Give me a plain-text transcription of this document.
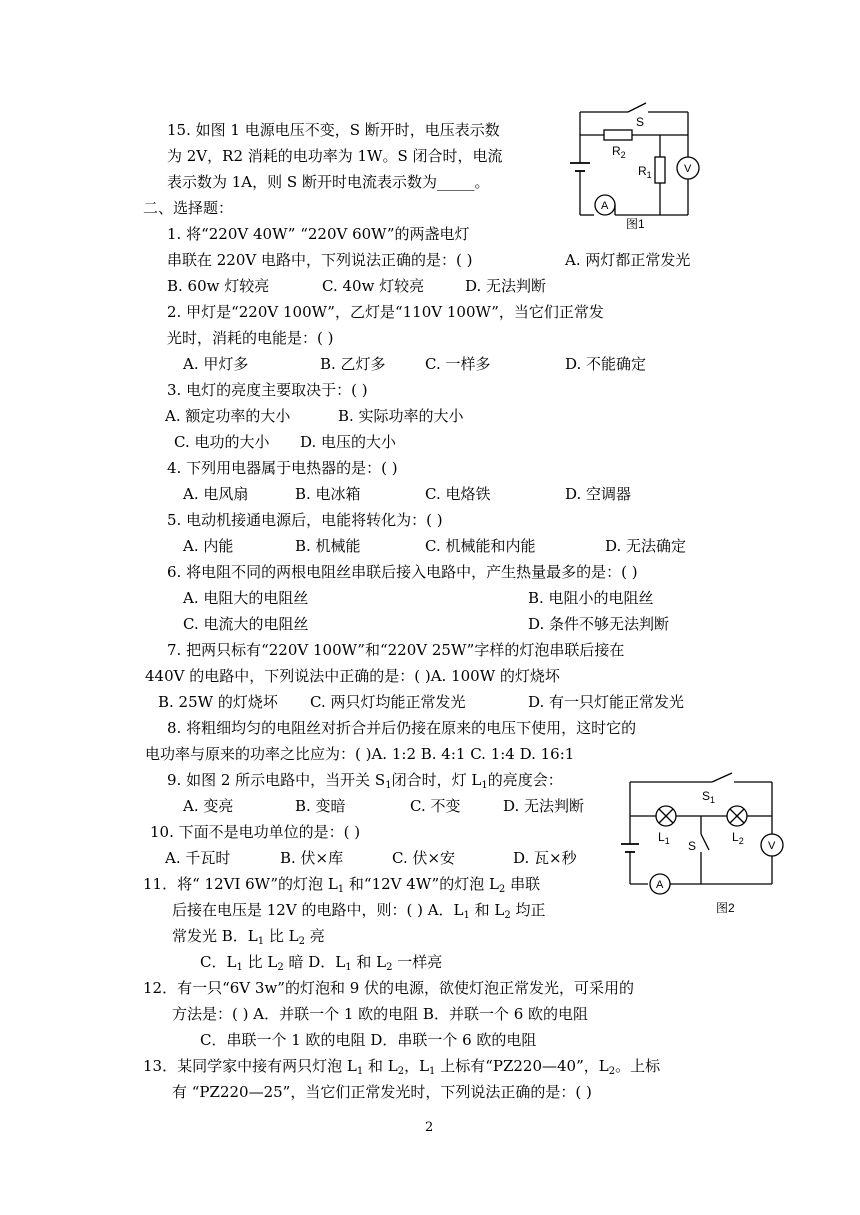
S
$R_2$
$R_1$	V
A
图1
$S_1$
$L_1$	$L_2$
S	V
A
图2
15. 如图 1 电源电压不变，S 断开时，电压表示数
为 2V，R2 消耗的电功率为 1W。S 闭合时，电流
表示数为 1A，则 S 断开时电流表示数为_____。
二、选择题：
1. 将“220V 40W” “220V 60W”的两盏电灯
串联在 220V 电路中，下列说法正确的是：( )	A. 两灯都正常发光
B. 60w 灯较亮	C. 40w 灯较亮	D. 无法判断
2. 甲灯是“220V 100W”，乙灯是“110V 100W”，当它们正常发
光时，消耗的电能是：( )
A. 甲灯多	B. 乙灯多	C. 一样多	D. 不能确定
3. 电灯的亮度主要取决于：( )
A. 额定功率的大小	B. 实际功率的大小
C. 电功的大小 D. 电压的大小
4. 下列用电器属于电热器的是：( )
A. 电风扇	B. 电冰箱	C. 电烙铁	D. 空调器
5. 电动机接通电源后，电能将转化为：( )
A. 内能	B. 机械能	C. 机械能和内能	D. 无法确定
6. 将电阻不同的两根电阻丝串联后接入电路中，产生热量最多的是：( )
A. 电阻大的电阻丝	B. 电阻小的电阻丝
C. 电流大的电阻丝	D. 条件不够无法判断
7. 把两只标有“220V 100W”和“220V 25W”字样的灯泡串联后接在
440V 的电路中，下列说法中正确的是：( )A. 100W 的灯烧坏
B. 25W 的灯烧坏 C. 两只灯均能正常发光	D. 有一只灯能正常发光
8. 将粗细均匀的电阻丝对折合并后仍接在原来的电压下使用，这时它的
电功率与原来的功率之比应为：( )A. 1:2 B. 4:1 C. 1:4 D. 16:1
9. 如图 2 所示电路中，当开关 $S_1$闭合时，灯 $L_1$的亮度会：
A. 变亮	B. 变暗	C. 不变	D. 无法判断
10. 下面不是电功单位的是：( )
A. 千瓦时	B. 伏×库	C. 伏×安	D. 瓦×秒
11．将“ 12VI 6W”的灯泡 $L_1$ 和“12V 4W”的灯泡 $L_2$ 串联
后接在电压是 12V 的电路中，则：( ) A．$L_1$ 和 $L_2$ 均正
常发光 B．$L_1$ 比 $L_2$ 亮
C．$L_1$ 比 $L_2$ 暗 D．$L_1$ 和 $L_2$ 一样亮
12．有一只“6V 3w”的灯泡和 9 伏的电源，欲使灯泡正常发光，可采用的
方法是：( ) A．并联一个 1 欧的电阻 B．并联一个 6 欧的电阻
C．串联一个 1 欧的电阻 D．串联一个 6 欧的电阻
13．某同学家中接有两只灯泡 $L_1$ 和 $L_2$，$L_1$ 上标有“PZ220—40”，$L_2$。上标
有 “PZ220—25”，当它们正常发光时，下列说法正确的是：( )
2
